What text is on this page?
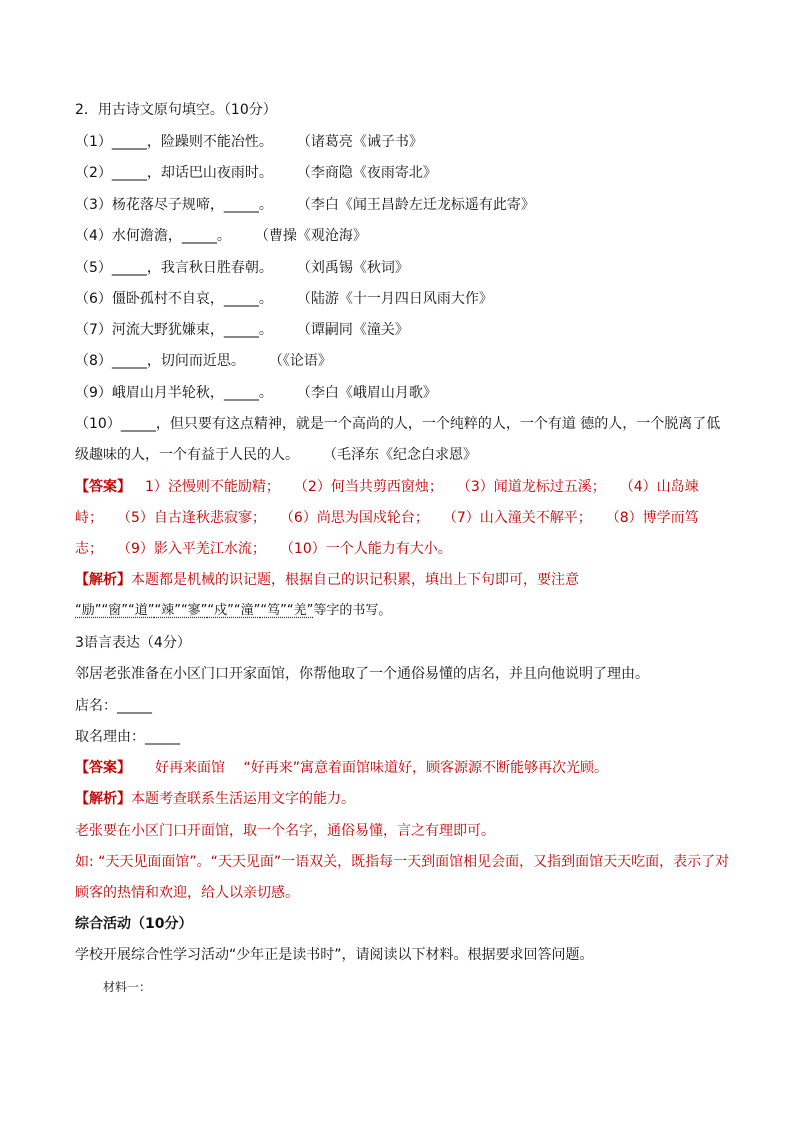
2．用古诗文原句填空。（10分）
（1）_____，险躁则不能冶性。 （诸葛亮《诫子书》
（2）_____，却话巴山夜雨时。 （李商隐《夜雨寄北》
（3）杨花落尽子规啼，_____。 （李白《闻王昌龄左迁龙标遥有此寄》
（4）水何澹澹，_____。 （曹操《观沧海》
（5）_____，我言秋日胜春朝。 （刘禹锡《秋词》
（6）僵卧孤村不自哀，_____。 （陆游《十一月四日风雨大作》
（7）河流大野犹嫌束，_____。 （谭嗣同《潼关》
（8）_____，切问而近思。 （《论语》
（9）峨眉山月半轮秋，_____。 （李白《峨眉山月歌》
（10）_____，但只要有这点精神，就是一个高尚的人，一个纯粹的人，一个有道 德的人，一个脱离了低
级趣味的人，一个有益于人民的人。 （毛泽东《纪念白求恩》
【答案】 1）泾慢则不能励精；　　（2）何当共剪西窗烛；　　（3）闻道龙标过五溪；　　（4）山岛竦
峙；　　（5）自古逢秋悲寂寥；　　（6）尚思为国戍轮台；　　（7）山入潼关不解平；　　（8）博学而笃
志；　　（9）影入平羌江水流；　　（10）一个人能力有大小。
【解析】本题都是机械的识记题，根据自己的识记积累，填出上下句即可，要注意
“励”“窗”“道”“竦”“寥”“戍”“潼”“笃”“羌”等字的书写。
3语言表达（4分）
邻居老张准备在小区门口开家面馆，你帮他取了一个通俗易懂的店名，并且向他说明了理由。
店名：_____
取名理由：_____
【答案】 好再来面馆　 “好再来”寓意着面馆味道好，顾客源源不断能够再次光顾。
【解析】本题考查联系生活运用文字的能力。
老张要在小区门口开面馆，取一个名字，通俗易懂，言之有理即可。
如: “天天见面面馆”。“天天见面”一语双关，既指每一天到面馆相见会面，又指到面馆天天吃面，表示了对
顾客的热情和欢迎，给人以亲切感。
综合活动（10分）
学校开展综合性学习活动“少年正是读书时”，请阅读以下材料。根据要求回答问题。
材料一：
